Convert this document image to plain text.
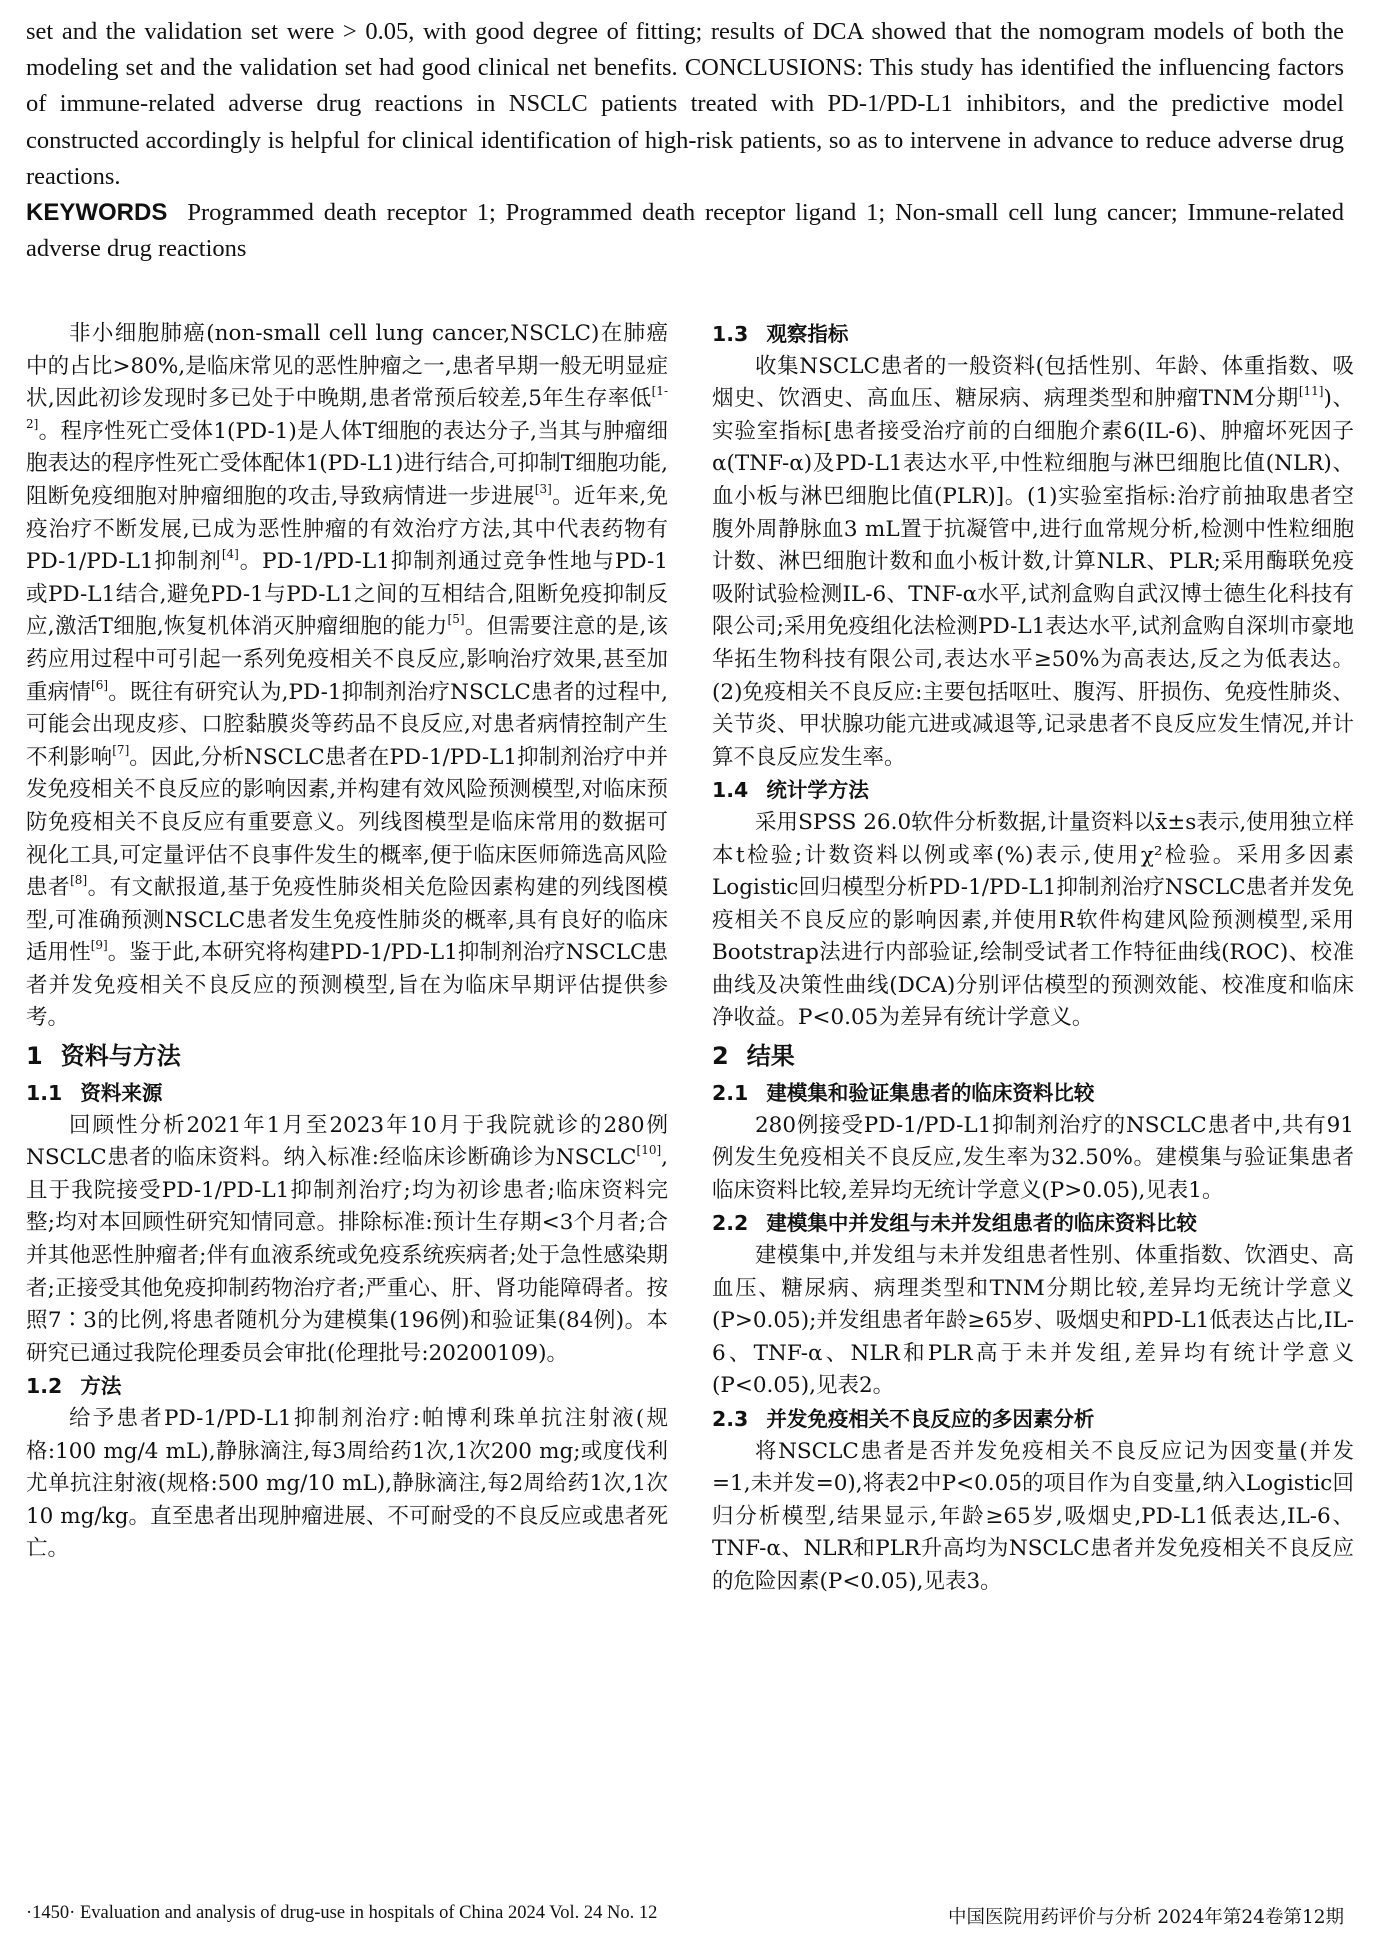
set and the validation set were > 0.05, with good degree of fitting; results of DCA showed that the nomogram models of both the modeling set and the validation set had good clinical net benefits. CONCLUSIONS: This study has identified the influencing factors of immune-related adverse drug reactions in NSCLC patients treated with PD-1/PD-L1 inhibitors, and the predictive model constructed accordingly is helpful for clinical identification of high-risk patients, so as to intervene in advance to reduce adverse drug reactions.

KEYWORDS Programmed death receptor 1; Programmed death receptor ligand 1; Non-small cell lung cancer; Immune-related adverse drug reactions

非小细胞肺癌(non-small cell lung cancer,NSCLC)在肺癌中的占比>80%,是临床常见的恶性肿瘤之一,患者早期一般无明显症状,因此初诊发现时多已处于中晚期,患者常预后较差,5年生存率低[1-2]。程序性死亡受体1(PD-1)是人体T细胞的表达分子,当其与肿瘤细胞表达的程序性死亡受体配体1(PD-L1)进行结合,可抑制T细胞功能,阻断免疫细胞对肿瘤细胞的攻击,导致病情进一步进展[3]。近年来,免疫治疗不断发展,已成为恶性肿瘤的有效治疗方法,其中代表药物有PD-1/PD-L1抑制剂[4]。PD-1/PD-L1抑制剂通过竞争性地与PD-1或PD-L1结合,避免PD-1与PD-L1之间的互相结合,阻断免疫抑制反应,激活T细胞,恢复机体消灭肿瘤细胞的能力[5]。但需要注意的是,该药应用过程中可引起一系列免疫相关不良反应,影响治疗效果,甚至加重病情[6]。既往有研究认为,PD-1抑制剂治疗NSCLC患者的过程中,可能会出现皮疹、口腔黏膜炎等药品不良反应,对患者病情控制产生不利影响[7]。因此,分析NSCLC患者在PD-1/PD-L1抑制剂治疗中并发免疫相关不良反应的影响因素,并构建有效风险预测模型,对临床预防免疫相关不良反应有重要意义。列线图模型是临床常用的数据可视化工具,可定量评估不良事件发生的概率,便于临床医师筛选高风险患者[8]。有文献报道,基于免疫性肺炎相关危险因素构建的列线图模型,可准确预测NSCLC患者发生免疫性肺炎的概率,具有良好的临床适用性[9]。鉴于此,本研究将构建PD-1/PD-L1抑制剂治疗NSCLC患者并发免疫相关不良反应的预测模型,旨在为临床早期评估提供参考。

1 资料与方法
1.1 资料来源

回顾性分析2021年1月至2023年10月于我院就诊的280例NSCLC患者的临床资料。纳入标准:经临床诊断确诊为NSCLC[10],且于我院接受PD-1/PD-L1抑制剂治疗;均为初诊患者;临床资料完整;均对本回顾性研究知情同意。排除标准:预计生存期<3个月者;合并其他恶性肿瘤者;伴有血液系统或免疫系统疾病者;处于急性感染期者;正接受其他免疫抑制药物治疗者;严重心、肝、肾功能障碍者。按照7∶3的比例,将患者随机分为建模集(196例)和验证集(84例)。本研究已通过我院伦理委员会审批(伦理批号:20200109)。

1.2 方法

给予患者PD-1/PD-L1抑制剂治疗:帕博利珠单抗注射液(规格:100 mg/4 mL),静脉滴注,每3周给药1次,1次200 mg;或度伐利尤单抗注射液(规格:500 mg/10 mL),静脉滴注,每2周给药1次,1次10 mg/kg。直至患者出现肿瘤进展、不可耐受的不良反应或患者死亡。

1.3 观察指标

收集NSCLC患者的一般资料(包括性别、年龄、体重指数、吸烟史、饮酒史、高血压、糖尿病、病理类型和肿瘤TNM分期[11])、实验室指标[患者接受治疗前的白细胞介素6(IL-6)、肿瘤坏死因子α(TNF-α)及PD-L1表达水平,中性粒细胞与淋巴细胞比值(NLR)、血小板与淋巴细胞比值(PLR)]。(1)实验室指标:治疗前抽取患者空腹外周静脉血3 mL置于抗凝管中,进行血常规分析,检测中性粒细胞计数、淋巴细胞计数和血小板计数,计算NLR、PLR;采用酶联免疫吸附试验检测IL-6、TNF-α水平,试剂盒购自武汉博士德生化科技有限公司;采用免疫组化法检测PD-L1表达水平,试剂盒购自深圳市豪地华拓生物科技有限公司,表达水平≥50%为高表达,反之为低表达。(2)免疫相关不良反应:主要包括呕吐、腹泻、肝损伤、免疫性肺炎、关节炎、甲状腺功能亢进或减退等,记录患者不良反应发生情况,并计算不良反应发生率。

1.4 统计学方法

采用SPSS 26.0软件分析数据,计量资料以x̄±s表示,使用独立样本t检验;计数资料以例或率(%)表示,使用χ²检验。采用多因素Logistic回归模型分析PD-1/PD-L1抑制剂治疗NSCLC患者并发免疫相关不良反应的影响因素,并使用R软件构建风险预测模型,采用Bootstrap法进行内部验证,绘制受试者工作特征曲线(ROC)、校准曲线及决策性曲线(DCA)分别评估模型的预测效能、校准度和临床净收益。P<0.05为差异有统计学意义。

2 结果
2.1 建模集和验证集患者的临床资料比较

280例接受PD-1/PD-L1抑制剂治疗的NSCLC患者中,共有91例发生免疫相关不良反应,发生率为32.50%。建模集与验证集患者临床资料比较,差异均无统计学意义(P>0.05),见表1。

2.2 建模集中并发组与未并发组患者的临床资料比较

建模集中,并发组与未并发组患者性别、体重指数、饮酒史、高血压、糖尿病、病理类型和TNM分期比较,差异均无统计学意义(P>0.05);并发组患者年龄≥65岁、吸烟史和PD-L1低表达占比,IL-6、TNF-α、NLR和PLR高于未并发组,差异均有统计学意义(P<0.05),见表2。

2.3 并发免疫相关不良反应的多因素分析

将NSCLC患者是否并发免疫相关不良反应记为因变量(并发=1,未并发=0),将表2中P<0.05的项目作为自变量,纳入Logistic回归分析模型,结果显示,年龄≥65岁,吸烟史,PD-L1低表达,IL-6、TNF-α、NLR和PLR升高均为NSCLC患者并发免疫相关不良反应的危险因素(P<0.05),见表3。

·1450· Evaluation and analysis of drug-use in hospitals of China 2024 Vol. 24 No. 12	中国医院用药评价与分析 2024年第24卷第12期
